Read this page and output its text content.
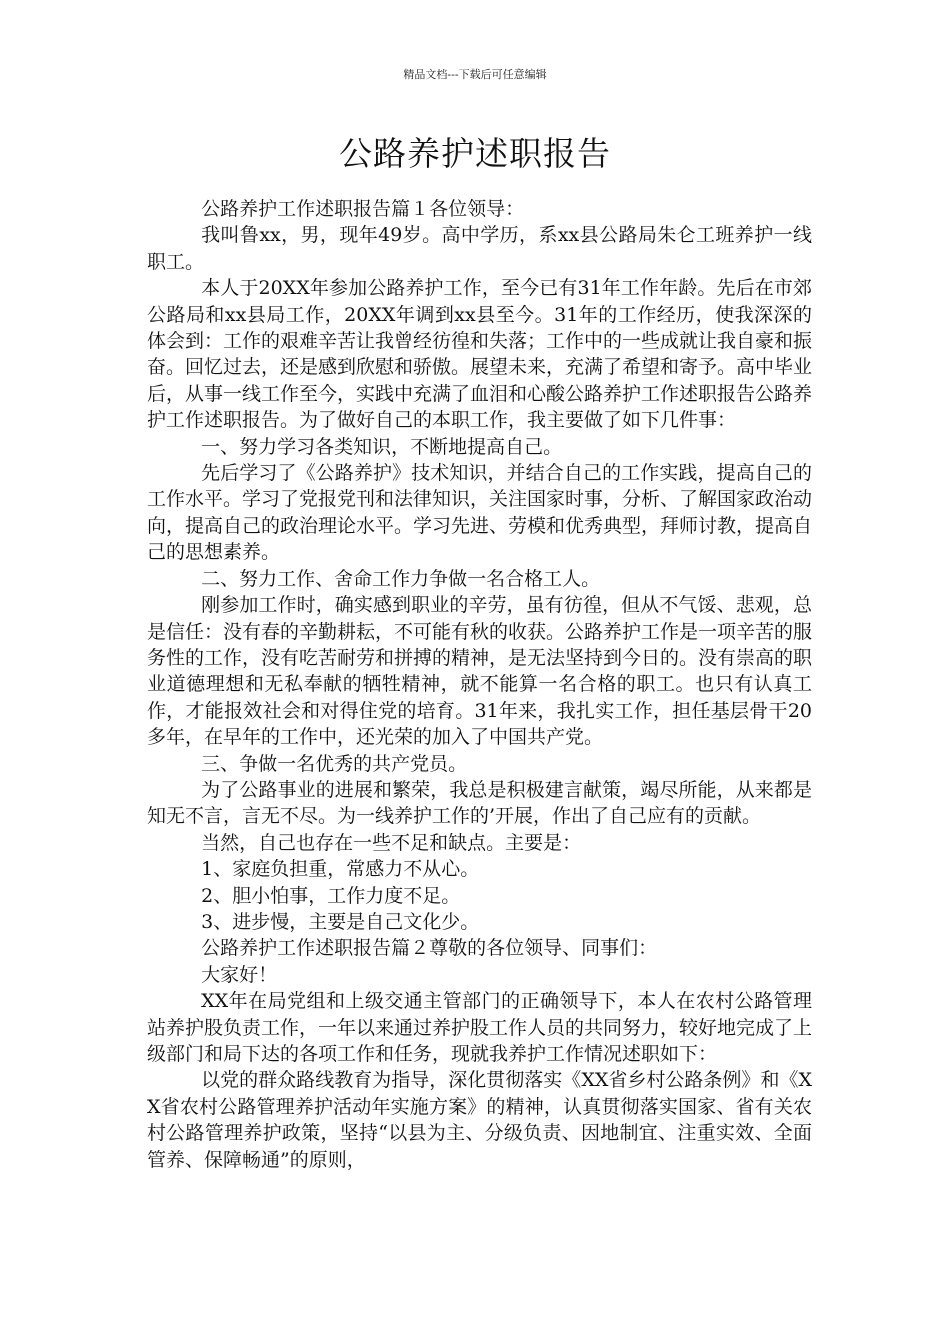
精品文档---下载后可任意编辑
公路养护述职报告

公路养护工作述职报告篇１各位领导：

我叫鲁xx，男，现年49岁。高中学历，系xx县公路局朱仑工班养护一线职工。

本人于20XX年参加公路养护工作，至今已有31年工作年龄。先后在市郊公路局和xx县局工作，20XX年调到xx县至今。31年的工作经历，使我深深的体会到：工作的艰难辛苦让我曾经彷徨和失落；工作中的一些成就让我自豪和振奋。回忆过去，还是感到欣慰和骄傲。展望未来，充满了希望和寄予。高中毕业后，从事一线工作至今，实践中充满了血泪和心酸公路养护工作述职报告公路养护工作述职报告。为了做好自己的本职工作，我主要做了如下几件事：

一、努力学习各类知识，不断地提高自己。

先后学习了《公路养护》技术知识，并结合自己的工作实践，提高自己的工作水平。学习了党报党刊和法律知识，关注国家时事，分析、了解国家政治动向，提高自己的政治理论水平。学习先进、劳模和优秀典型，拜师讨教，提高自己的思想素养。

二、努力工作、舍命工作力争做一名合格工人。

刚参加工作时，确实感到职业的辛劳，虽有彷徨，但从不气馁、悲观，总是信任：没有春的辛勤耕耘，不可能有秋的收获。公路养护工作是一项辛苦的服务性的工作，没有吃苦耐劳和拼搏的精神，是无法坚持到今日的。没有崇高的职业道德理想和无私奉献的牺牲精神，就不能算一名合格的职工。也只有认真工作，才能报效社会和对得住党的培育。31年来，我扎实工作，担任基层骨干20多年，在早年的工作中，还光荣的加入了中国共产党。

三、争做一名优秀的共产党员。

为了公路事业的进展和繁荣，我总是积极建言献策，竭尽所能，从来都是知无不言，言无不尽。为一线养护工作的’开展，作出了自己应有的贡献。

当然，自己也存在一些不足和缺点。主要是：

1、家庭负担重，常感力不从心。

2、胆小怕事，工作力度不足。

3、进步慢，主要是自己文化少。

公路养护工作述职报告篇２尊敬的各位领导、同事们：

大家好！

XX年在局党组和上级交通主管部门的正确领导下，本人在农村公路管理站养护股负责工作，一年以来通过养护股工作人员的共同努力，较好地完成了上级部门和局下达的各项工作和任务，现就我养护工作情况述职如下：

以党的群众路线教育为指导，深化贯彻落实《XX省乡村公路条例》和《XX省农村公路管理养护活动年实施方案》的精神，认真贯彻落实国家、省有关农村公路管理养护政策，坚持“以县为主、分级负责、因地制宜、注重实效、全面管养、保障畅通”的原则，
